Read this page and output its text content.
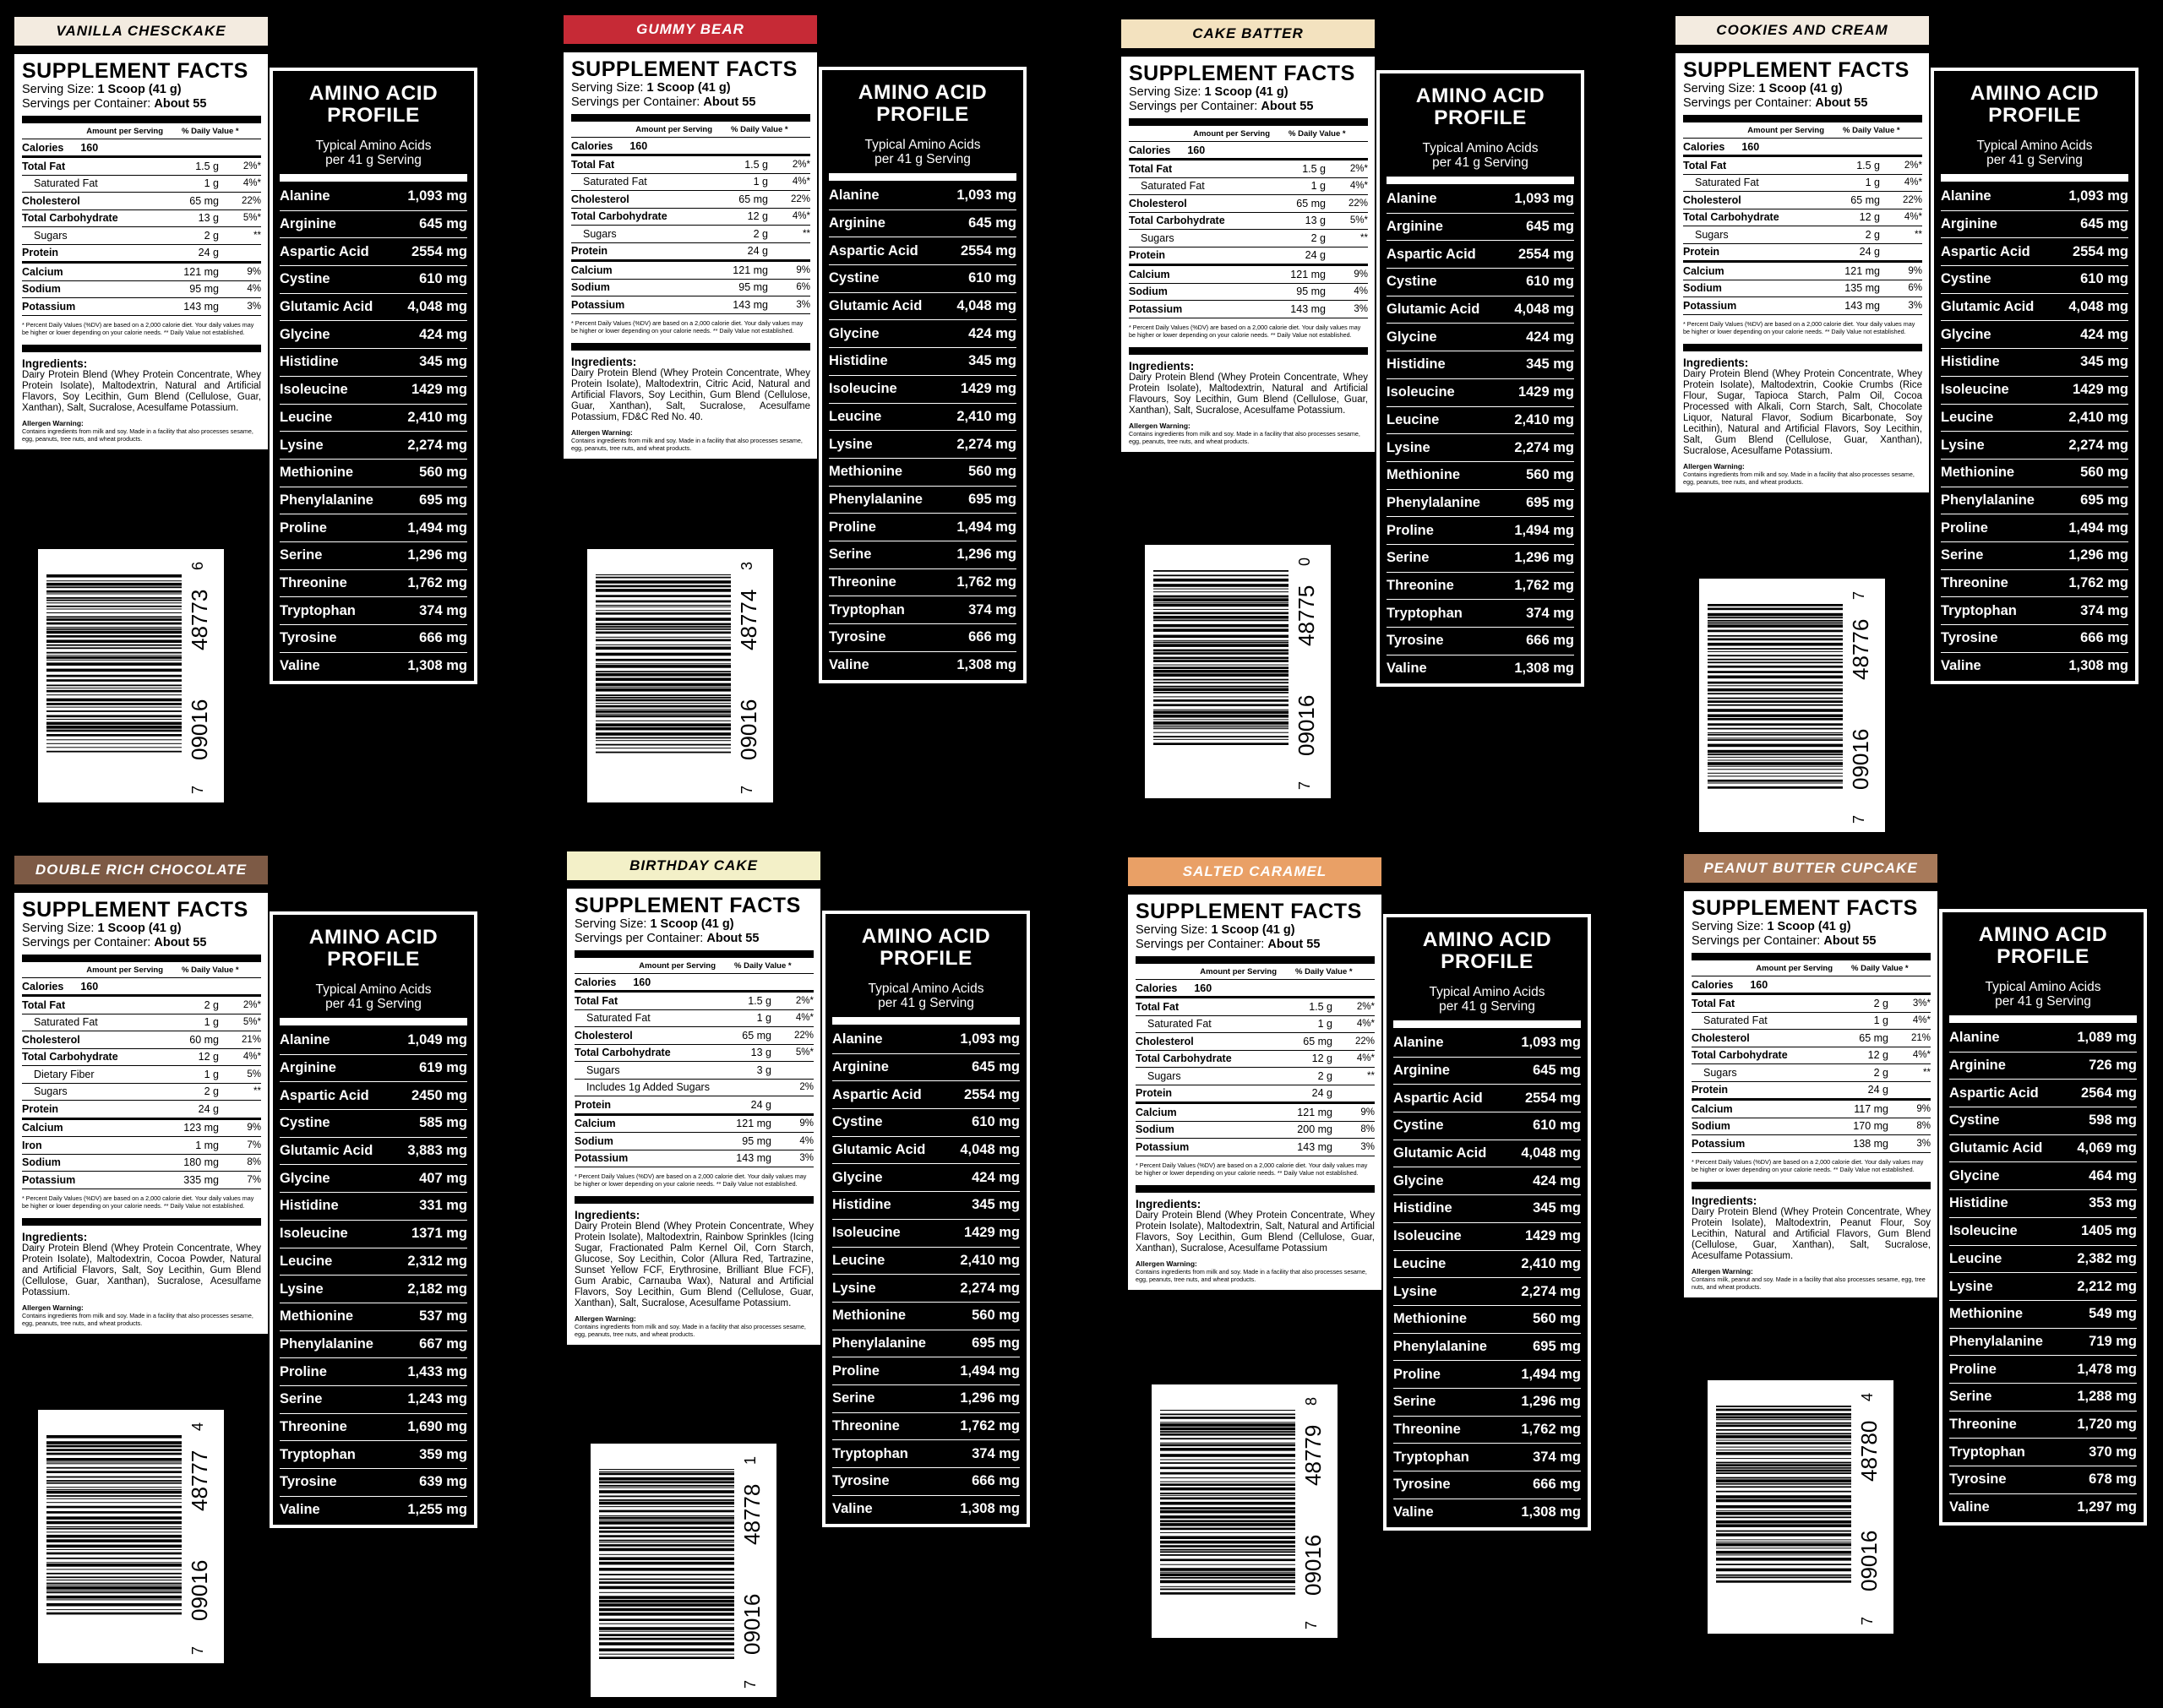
VANILLA CHESCKAKE
SUPPLEMENT FACTS
Serving Size: 1 Scoop (41 g)
Servings per Container: About 55
Amount per Serving % Daily Value *
Calories 160
Total Fat	1.5 g	2%*
Saturated Fat	1 g	4%*
Cholesterol	65 mg	22%
Total Carbohydrate	13 g	5%*
Sugars	2 g	**
Protein	24 g
Calcium	121 mg	9%
Sodium	95 mg	4%
Potassium	143 mg	3%
* Percent Daily Values (%DV) are based on a 2,000 calorie diet. Your daily values may be higher or lower depending on your calorie needs. ** Daily Value not established.
Ingredients:
Dairy Protein Blend (Whey Protein Concentrate, Whey Protein Isolate), Maltodextrin, Natural and Artificial Flavors, Soy Lecithin, Gum Blend (Cellulose, Guar, Xanthan), Salt, Sucralose, Acesulfame Potassium.
Allergen Warning:
Contains ingredients from milk and soy. Made in a facility that also processes sesame, egg, peanuts, tree nuts, and wheat products.
AMINO ACID
PROFILE
Typical Amino Acids
per 41 g Serving
Alanine	1,093 mg
Arginine	645 mg
Aspartic Acid	2554 mg
Cystine	610 mg
Glutamic Acid 4,048 mg
Glycine	424 mg
Histidine	345 mg
Isoleucine	1429 mg
Leucine	2,410 mg
Lysine	2,274 mg
Methionine	560 mg
Phenylalanine	695 mg
Proline	1,494 mg
Serine	1,296 mg
Threonine	1,762 mg
Tryptophan	374 mg
Tyrosine	666 mg
Valine	1,308 mg
7
09016
48773
6
GUMMY BEAR
SUPPLEMENT FACTS
Serving Size: 1 Scoop (41 g)
Servings per Container: About 55
Amount per Serving % Daily Value *
Calories 160
Total Fat	1.5 g	2%*
Saturated Fat	1 g	4%*
Cholesterol	65 mg	22%
Total Carbohydrate	12 g	4%*
Sugars	2 g	**
Protein	24 g
Calcium	121 mg	9%
Sodium	95 mg	6%
Potassium	143 mg	3%
* Percent Daily Values (%DV) are based on a 2,000 calorie diet. Your daily values may be higher or lower depending on your calorie needs. ** Daily Value not established.
Ingredients:
Dairy Protein Blend (Whey Protein Concentrate, Whey Protein Isolate), Maltodextrin, Citric Acid, Natural and Artificial Flavors, Soy Lecithin, Gum Blend (Cellulose, Guar, Xanthan), Salt, Sucralose, Acesulfame Potassium, FD&C Red No. 40.
Allergen Warning:
Contains ingredients from milk and soy. Made in a facility that also processes sesame, egg, peanuts, tree nuts, and wheat products.
AMINO ACID
PROFILE
Typical Amino Acids
per 41 g Serving
Alanine	1,093 mg
Arginine	645 mg
Aspartic Acid	2554 mg
Cystine	610 mg
Glutamic Acid 4,048 mg
Glycine	424 mg
Histidine	345 mg
Isoleucine	1429 mg
Leucine	2,410 mg
Lysine	2,274 mg
Methionine	560 mg
Phenylalanine	695 mg
Proline	1,494 mg
Serine	1,296 mg
Threonine	1,762 mg
Tryptophan	374 mg
Tyrosine	666 mg
Valine	1,308 mg
7
09016
48774
3
CAKE BATTER
SUPPLEMENT FACTS
Serving Size: 1 Scoop (41 g)
Servings per Container: About 55
Amount per Serving % Daily Value *
Calories 160
Total Fat	1.5 g	2%*
Saturated Fat	1 g	4%*
Cholesterol	65 mg	22%
Total Carbohydrate	13 g	5%*
Sugars	2 g	**
Protein	24 g
Calcium	121 mg	9%
Sodium	95 mg	4%
Potassium	143 mg	3%
* Percent Daily Values (%DV) are based on a 2,000 calorie diet. Your daily values may be higher or lower depending on your calorie needs. ** Daily Value not established.
Ingredients:
Dairy Protein Blend (Whey Protein Concentrate, Whey Protein Isolate), Maltodextrin, Natural and Artificial Flavours, Soy Lecithin, Gum Blend (Cellulose, Guar, Xanthan), Salt, Sucralose, Acesulfame Potassium.
Allergen Warning:
Contains ingredients from milk and soy. Made in a facility that also processes sesame, egg, peanuts, tree nuts, and wheat products.
AMINO ACID
PROFILE
Typical Amino Acids
per 41 g Serving
Alanine	1,093 mg
Arginine	645 mg
Aspartic Acid	2554 mg
Cystine	610 mg
Glutamic Acid 4,048 mg
Glycine	424 mg
Histidine	345 mg
Isoleucine	1429 mg
Leucine	2,410 mg
Lysine	2,274 mg
Methionine	560 mg
Phenylalanine	695 mg
Proline	1,494 mg
Serine	1,296 mg
Threonine	1,762 mg
Tryptophan	374 mg
Tyrosine	666 mg
Valine	1,308 mg
7
09016
48775
0
COOKIES AND CREAM
SUPPLEMENT FACTS
Serving Size: 1 Scoop (41 g)
Servings per Container: About 55
Amount per Serving % Daily Value *
Calories 160
Total Fat	1.5 g	2%*
Saturated Fat	1 g	4%*
Cholesterol	65 mg	22%
Total Carbohydrate	12 g	4%*
Sugars	2 g	**
Protein	24 g
Calcium	121 mg	9%
Sodium	135 mg	6%
Potassium	143 mg	3%
* Percent Daily Values (%DV) are based on a 2,000 calorie diet. Your daily values may be higher or lower depending on your calorie needs. ** Daily Value not established.
Ingredients:
Dairy Protein Blend (Whey Protein Concentrate, Whey Protein Isolate), Maltodextrin, Cookie Crumbs (Rice Flour, Sugar, Tapioca Starch, Palm Oil, Cocoa Processed with Alkali, Corn Starch, Salt, Chocolate Liquor, Natural Flavor, Sodium Bicarbonate, Soy Lecithin), Natural and Artificial Flavors, Soy Lecithin, Salt, Gum Blend (Cellulose, Guar, Xanthan), Sucralose, Acesulfame Potassium.
Allergen Warning:
Contains ingredients from milk and soy. Made in a facility that also processes sesame, egg, peanuts, tree nuts, and wheat products.
AMINO ACID
PROFILE
Typical Amino Acids
per 41 g Serving
Alanine	1,093 mg
Arginine	645 mg
Aspartic Acid	2554 mg
Cystine	610 mg
Glutamic Acid 4,048 mg
Glycine	424 mg
Histidine	345 mg
Isoleucine	1429 mg
Leucine	2,410 mg
Lysine	2,274 mg
Methionine	560 mg
Phenylalanine	695 mg
Proline	1,494 mg
Serine	1,296 mg
Threonine	1,762 mg
Tryptophan	374 mg
Tyrosine	666 mg
Valine	1,308 mg
7
09016
48776
7
DOUBLE RICH CHOCOLATE
SUPPLEMENT FACTS
Serving Size: 1 Scoop (41 g)
Servings per Container: About 55
Amount per Serving % Daily Value *
Calories 160
Total Fat	2 g	2%*
Saturated Fat	1 g	5%*
Cholesterol	60 mg	21%
Total Carbohydrate	12 g	4%*
Dietary Fiber	1 g	5%
Sugars	2 g	**
Protein	24 g
Calcium	123 mg	9%
Iron	1 mg	7%
Sodium	180 mg	8%
Potassium	335 mg	7%
* Percent Daily Values (%DV) are based on a 2,000 calorie diet. Your daily values may be higher or lower depending on your calorie needs. ** Daily Value not established.
Ingredients:
Dairy Protein Blend (Whey Protein Concentrate, Whey Protein Isolate), Maltodextrin, Cocoa Powder, Natural and Artificial Flavors, Salt, Soy Lecithin, Gum Blend (Cellulose, Guar, Xanthan), Sucralose, Acesulfame Potassium.
Allergen Warning:
Contains ingredients from milk and soy. Made in a facility that also processes sesame, egg, peanuts, tree nuts, and wheat products.
AMINO ACID
PROFILE
Typical Amino Acids
per 41 g Serving
Alanine	1,049 mg
Arginine	619 mg
Aspartic Acid	2450 mg
Cystine	585 mg
Glutamic Acid 3,883 mg
Glycine	407 mg
Histidine	331 mg
Isoleucine	1371 mg
Leucine	2,312 mg
Lysine	2,182 mg
Methionine	537 mg
Phenylalanine	667 mg
Proline	1,433 mg
Serine	1,243 mg
Threonine	1,690 mg
Tryptophan	359 mg
Tyrosine	639 mg
Valine	1,255 mg
7
09016
48777
4
BIRTHDAY CAKE
SUPPLEMENT FACTS
Serving Size: 1 Scoop (41 g)
Servings per Container: About 55
Amount per Serving % Daily Value *
Calories 160
Total Fat	1.5 g	2%*
Saturated Fat	1 g	4%*
Cholesterol	65 mg	22%
Total Carbohydrate	13 g	5%*
Sugars	3 g
Includes 1g Added Sugars	2%
Protein	24 g
Calcium	121 mg	9%
Sodium	95 mg	4%
Potassium	143 mg	3%
* Percent Daily Values (%DV) are based on a 2,000 calorie diet. Your daily values may be higher or lower depending on your calorie needs. ** Daily Value not established.
Ingredients:
Dairy Protein Blend (Whey Protein Concentrate, Whey Protein Isolate), Maltodextrin, Rainbow Sprinkles (Icing Sugar, Fractionated Palm Kernel Oil, Corn Starch, Glucose, Soy Lecithin, Color (Allura Red, Tartrazine, Sunset Yellow FCF, Erythrosine, Brilliant Blue FCF), Gum Arabic, Carnauba Wax), Natural and Artificial Flavors, Soy Lecithin, Gum Blend (Cellulose, Guar, Xanthan), Salt, Sucralose, Acesulfame Potassium.
Allergen Warning:
Contains ingredients from milk and soy. Made in a facility that also processes sesame, egg, peanuts, tree nuts, and wheat products.
AMINO ACID
PROFILE
Typical Amino Acids
per 41 g Serving
Alanine	1,093 mg
Arginine	645 mg
Aspartic Acid	2554 mg
Cystine	610 mg
Glutamic Acid 4,048 mg
Glycine	424 mg
Histidine	345 mg
Isoleucine	1429 mg
Leucine	2,410 mg
Lysine	2,274 mg
Methionine	560 mg
Phenylalanine	695 mg
Proline	1,494 mg
Serine	1,296 mg
Threonine	1,762 mg
Tryptophan	374 mg
Tyrosine	666 mg
Valine	1,308 mg
7
09016
48778
1
SALTED CARAMEL
SUPPLEMENT FACTS
Serving Size: 1 Scoop (41 g)
Servings per Container: About 55
Amount per Serving % Daily Value *
Calories 160
Total Fat	1.5 g	2%*
Saturated Fat	1 g	4%*
Cholesterol	65 mg	22%
Total Carbohydrate	12 g	4%*
Sugars	2 g	**
Protein	24 g
Calcium	121 mg	9%
Sodium	200 mg	8%
Potassium	143 mg	3%
* Percent Daily Values (%DV) are based on a 2,000 calorie diet. Your daily values may be higher or lower depending on your calorie needs. ** Daily Value not established.
Ingredients:
Dairy Protein Blend (Whey Protein Concentrate, Whey Protein Isolate), Maltodextrin, Salt, Natural and Artificial Flavors, Soy Lecithin, Gum Blend (Cellulose, Guar, Xanthan), Sucralose, Acesulfame Potassium
Allergen Warning:
Contains ingredients from milk and soy. Made in a facility that also processes sesame, egg, peanuts, tree nuts, and wheat products.
AMINO ACID
PROFILE
Typical Amino Acids
per 41 g Serving
Alanine	1,093 mg
Arginine	645 mg
Aspartic Acid	2554 mg
Cystine	610 mg
Glutamic Acid 4,048 mg
Glycine	424 mg
Histidine	345 mg
Isoleucine	1429 mg
Leucine	2,410 mg
Lysine	2,274 mg
Methionine	560 mg
Phenylalanine	695 mg
Proline	1,494 mg
Serine	1,296 mg
Threonine	1,762 mg
Tryptophan	374 mg
Tyrosine	666 mg
Valine	1,308 mg
7
09016
48779
8
PEANUT BUTTER CUPCAKE
SUPPLEMENT FACTS
Serving Size: 1 Scoop (41 g)
Servings per Container: About 55
Amount per Serving % Daily Value *
Calories 160
Total Fat	2 g	3%*
Saturated Fat	1 g	4%*
Cholesterol	65 mg	21%
Total Carbohydrate	12 g	4%*
Sugars	2 g	**
Protein	24 g
Calcium	117 mg	9%
Sodium	170 mg	8%
Potassium	138 mg	3%
* Percent Daily Values (%DV) are based on a 2,000 calorie diet. Your daily values may be higher or lower depending on your calorie needs. ** Daily Value not established.
Ingredients:
Dairy Protein Blend (Whey Protein Concentrate, Whey Protein Isolate), Maltodextrin, Peanut Flour, Soy Lecithin, Natural and Artificial Flavors, Gum Blend (Cellulose, Guar, Xanthan), Salt, Sucralose, Acesulfame Potassium.
Allergen Warning:
Contains milk, peanut and soy. Made in a facility that also processes sesame, egg, tree nuts, and wheat products.
AMINO ACID
PROFILE
Typical Amino Acids
per 41 g Serving
Alanine	1,089 mg
Arginine	726 mg
Aspartic Acid	2564 mg
Cystine	598 mg
Glutamic Acid 4,069 mg
Glycine	464 mg
Histidine	353 mg
Isoleucine	1405 mg
Leucine	2,382 mg
Lysine	2,212 mg
Methionine	549 mg
Phenylalanine	719 mg
Proline	1,478 mg
Serine	1,288 mg
Threonine	1,720 mg
Tryptophan	370 mg
Tyrosine	678 mg
Valine	1,297 mg
7
09016
48780
4
